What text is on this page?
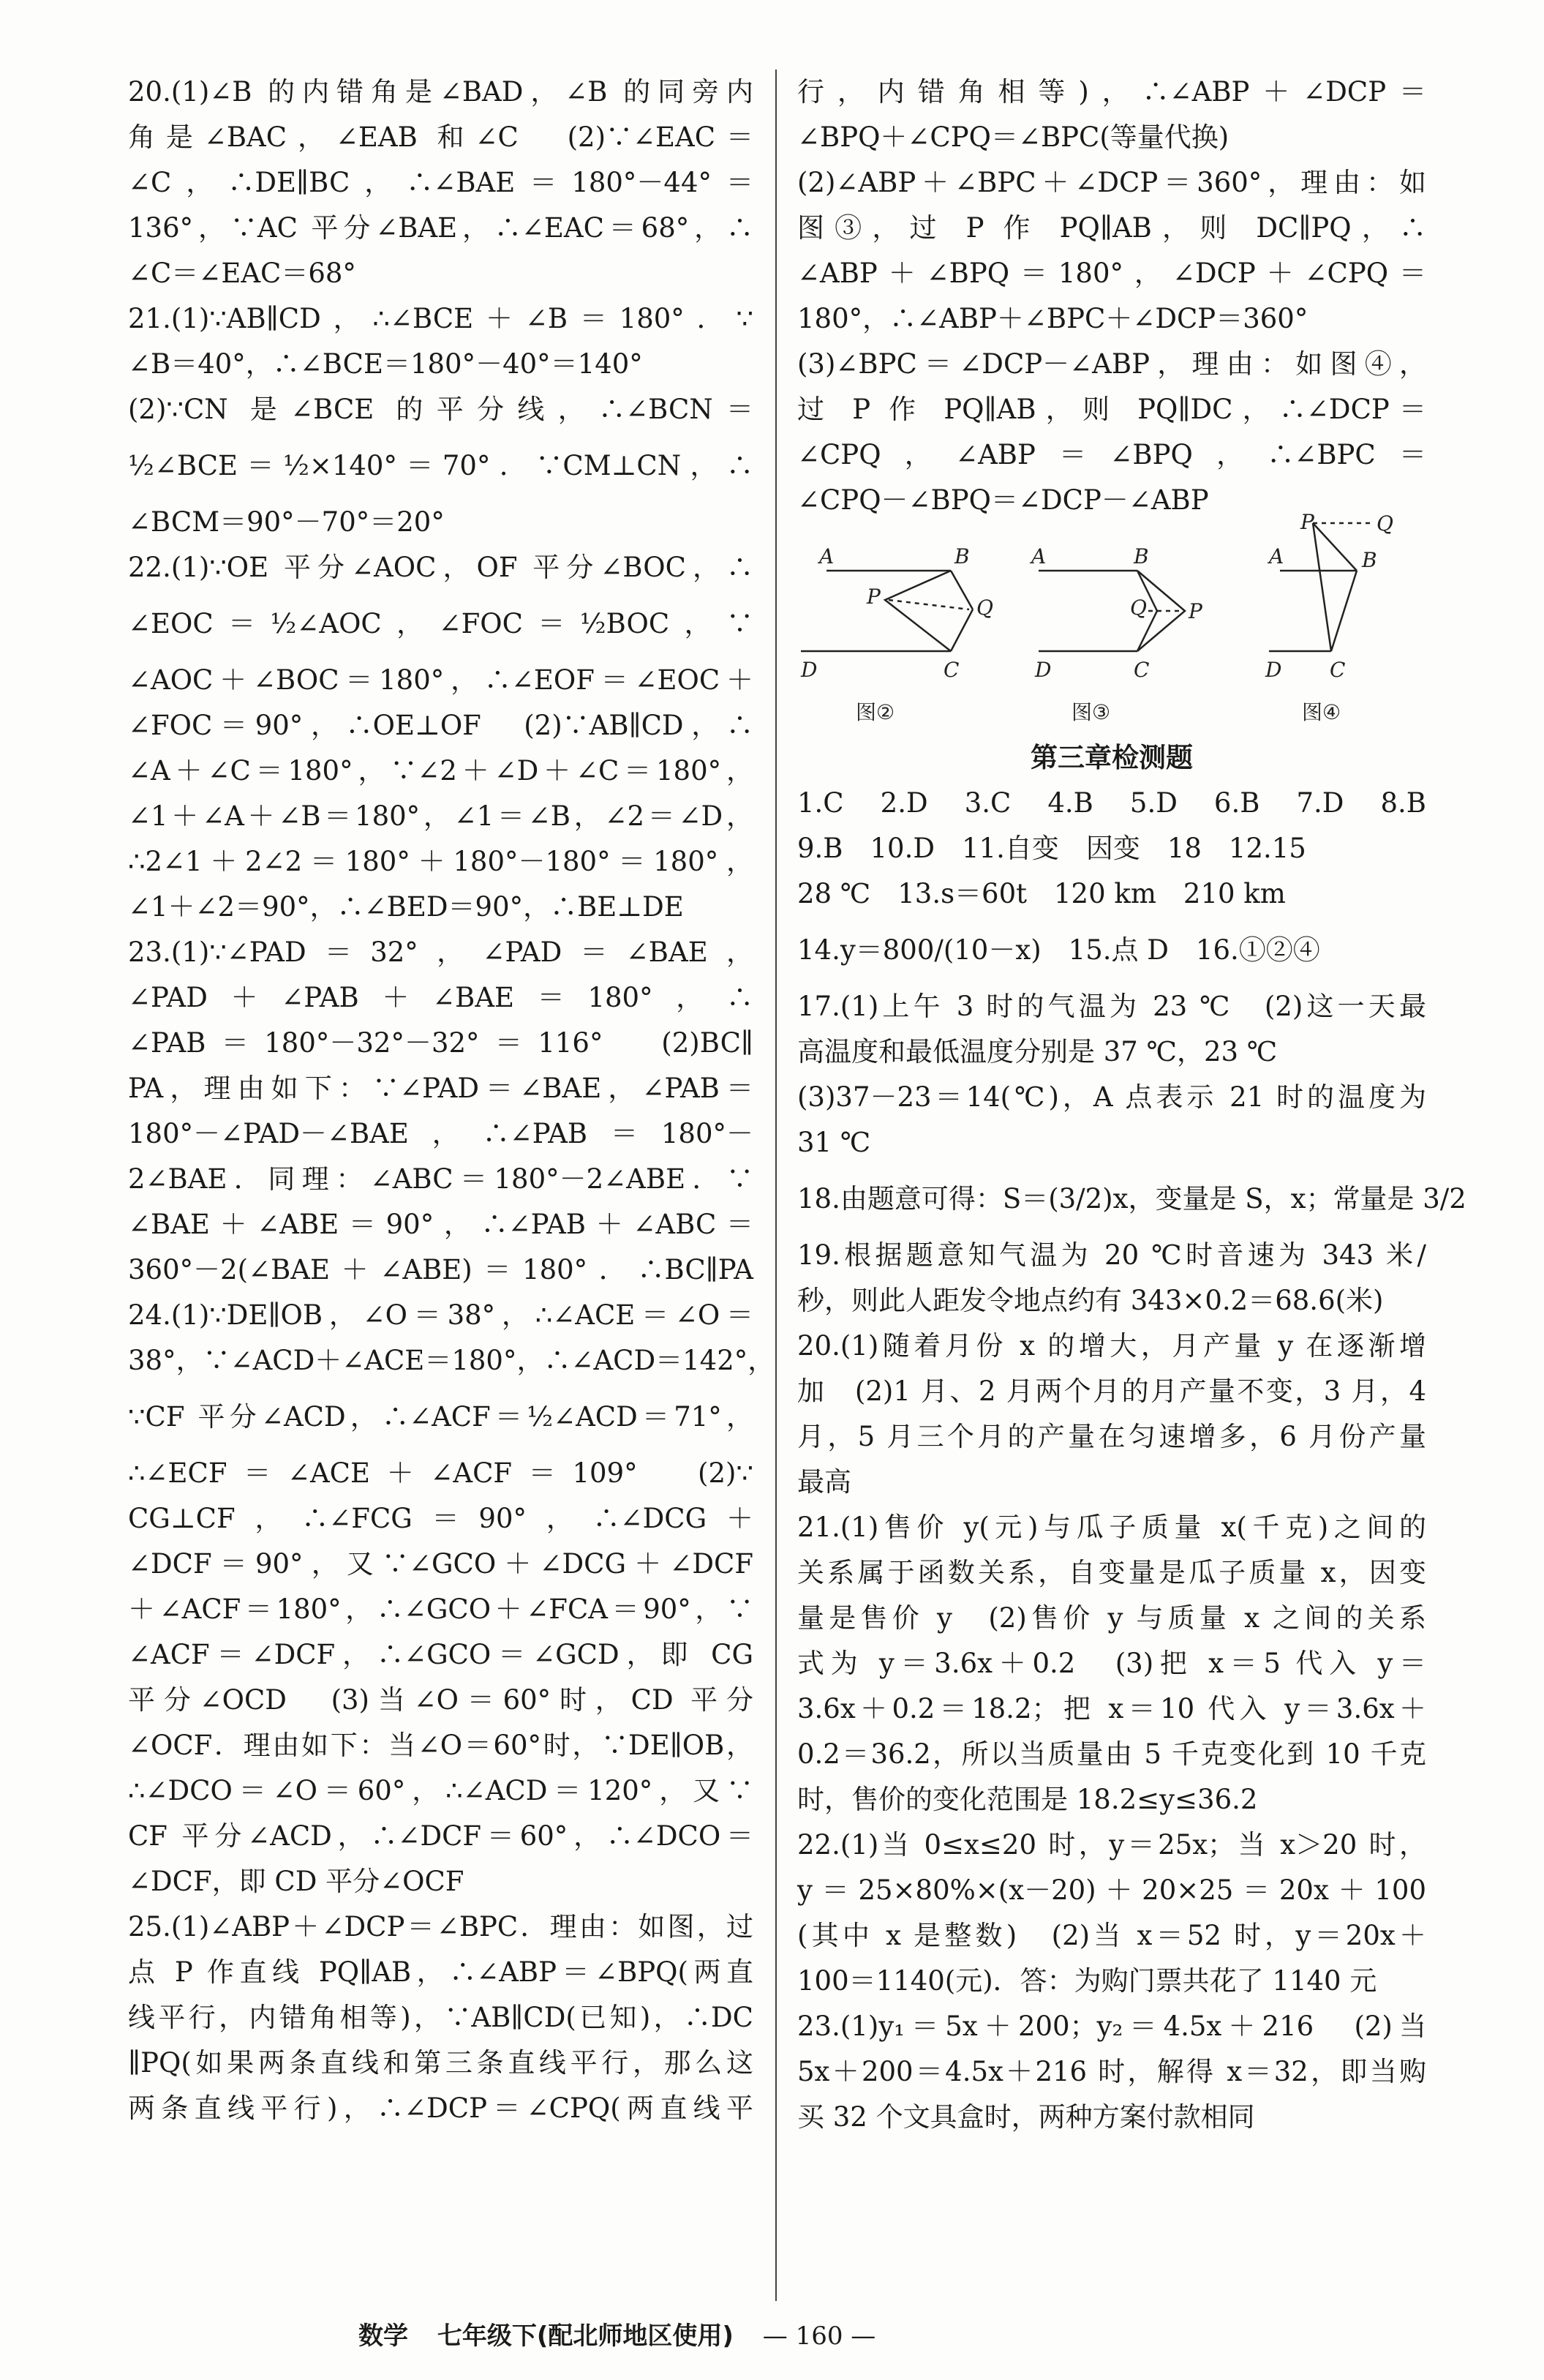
20.(1)∠B 的内错角是∠BAD，∠B 的同旁内
角是∠BAC，∠EAB 和∠C　(2)∵∠EAC＝
∠C，∴DE∥BC，∴∠BAE＝180°－44°＝
136°，∵AC 平分∠BAE，∴∠EAC＝68°，∴
∠C＝∠EAC＝68°
21.(1)∵AB∥CD，∴∠BCE＋∠B＝180°．∵
∠B＝40°，∴∠BCE＝180°－40°＝140°
(2)∵CN 是∠BCE 的平分线，∴∠BCN＝
½∠BCE＝½×140°＝70°．∵CM⊥CN，∴
∠BCM＝90°－70°＝20°
22.(1)∵OE 平分∠AOC，OF 平分∠BOC，∴
∠EOC＝½∠AOC，∠FOC＝½BOC，∵
∠AOC＋∠BOC＝180°，∴∠EOF＝∠EOC＋
∠FOC＝90°，∴OE⊥OF　(2)∵AB∥CD，∴
∠A＋∠C＝180°，∵∠2＋∠D＋∠C＝180°，
∠1＋∠A＋∠B＝180°，∠1＝∠B，∠2＝∠D，
∴2∠1＋2∠2＝180°＋180°－180°＝180°，
∠1＋∠2＝90°，∴∠BED＝90°，∴BE⊥DE
23.(1)∵∠PAD＝32°，∠PAD＝∠BAE，
∠PAD＋∠PAB＋∠BAE＝180°，∴
∠PAB＝180°－32°－32°＝116°　(2)BC∥
PA，理由如下：∵∠PAD＝∠BAE，∠PAB＝
180°－∠PAD－∠BAE，∴∠PAB＝180°－
2∠BAE．同理：∠ABC＝180°－2∠ABE．∵
∠BAE＋∠ABE＝90°，∴∠PAB＋∠ABC＝
360°－2(∠BAE＋∠ABE)＝180°．∴BC∥PA
24.(1)∵DE∥OB，∠O＝38°，∴∠ACE＝∠O＝
38°，∵∠ACD＋∠ACE＝180°，∴∠ACD＝142°，
∵CF 平分∠ACD，∴∠ACF＝½∠ACD＝71°，
∴∠ECF＝∠ACE＋∠ACF＝109°　(2)∵
CG⊥CF，∴∠FCG＝90°，∴∠DCG＋
∠DCF＝90°，又∵∠GCO＋∠DCG＋∠DCF
＋∠ACF＝180°，∴∠GCO＋∠FCA＝90°，∵
∠ACF＝∠DCF，∴∠GCO＝∠GCD，即 CG
平分∠OCD　(3)当∠O＝60°时，CD 平分
∠OCF．理由如下：当∠O＝60°时，∵DE∥OB，
∴∠DCO＝∠O＝60°，∴∠ACD＝120°，又∵
CF 平分∠ACD，∴∠DCF＝60°，∴∠DCO＝
∠DCF，即 CD 平分∠OCF
25.(1)∠ABP＋∠DCP＝∠BPC．理由：如图，过
点 P 作直线 PQ∥AB，∴∠ABP＝∠BPQ(两直
线平行，内错角相等)，∵AB∥CD(已知)，∴DC
∥PQ(如果两条直线和第三条直线平行，那么这
两条直线平行)，∴∠DCP＝∠CPQ(两直线平
行，内错角相等)，∴∠ABP＋∠DCP＝
∠BPQ＋∠CPQ＝∠BPC(等量代换)
(2)∠ABP＋∠BPC＋∠DCP＝360°，理由：如
图③，过 P 作 PQ∥AB，则 DC∥PQ，∴
∠ABP＋∠BPQ＝180°，∠DCP＋∠CPQ＝
180°，∴∠ABP＋∠BPC＋∠DCP＝360°
(3)∠BPC＝∠DCP－∠ABP，理由：如图④，
过 P 作 PQ∥AB，则 PQ∥DC，∴∠DCP＝
∠CPQ，∠ABP＝∠BPQ，∴∠BPC＝
∠CPQ－∠BPQ＝∠DCP－∠ABP
A	B
P	Q
D	C
A	B
Q P
D	C
A	B
P	Q
D C
图②	图③	图④
第三章检测题
1.C　2.D　3.C　4.B　5.D　6.B　7.D　8.B
9.B　10.D　11.自变　因变　18　12.15
28 ℃　13.s＝60t　120 km　210 km
14.y＝800/(10－x)　15.点 D　16.①②④
17.(1)上午 3 时的气温为 23 ℃　(2)这一天最
高温度和最低温度分别是 37 ℃，23 ℃
(3)37－23＝14(℃)，A 点表示 21 时的温度为
31 ℃
18.由题意可得：S＝(3/2)x，变量是 S，x；常量是 3/2
19.根据题意知气温为 20 ℃时音速为 343 米/
秒，则此人距发令地点约有 343×0.2＝68.6(米)
20.(1)随着月份 x 的增大，月产量 y 在逐渐增
加　(2)1 月、2 月两个月的月产量不变，3 月，4
月，5 月三个月的产量在匀速增多，6 月份产量
最高
21.(1)售价 y(元)与瓜子质量 x(千克)之间的
关系属于函数关系，自变量是瓜子质量 x，因变
量是售价 y　(2)售价 y 与质量 x 之间的关系
式为 y＝3.6x＋0.2　(3)把 x＝5 代入 y＝
3.6x＋0.2＝18.2；把 x＝10 代入 y＝3.6x＋
0.2＝36.2，所以当质量由 5 千克变化到 10 千克
时，售价的变化范围是 18.2≤y≤36.2
22.(1)当 0≤x≤20 时，y＝25x；当 x＞20 时，
y＝25×80%×(x－20)＋20×25＝20x＋100
(其中 x 是整数)　(2)当 x＝52 时，y＝20x＋
100＝1140(元)．答：为购门票共花了 1140 元
23.(1)y₁＝5x＋200；y₂＝4.5x＋216　(2)当
5x＋200＝4.5x＋216 时，解得 x＝32，即当购
买 32 个文具盒时，两种方案付款相同
数学 七年级下(配北师地区使用) — 160 —
